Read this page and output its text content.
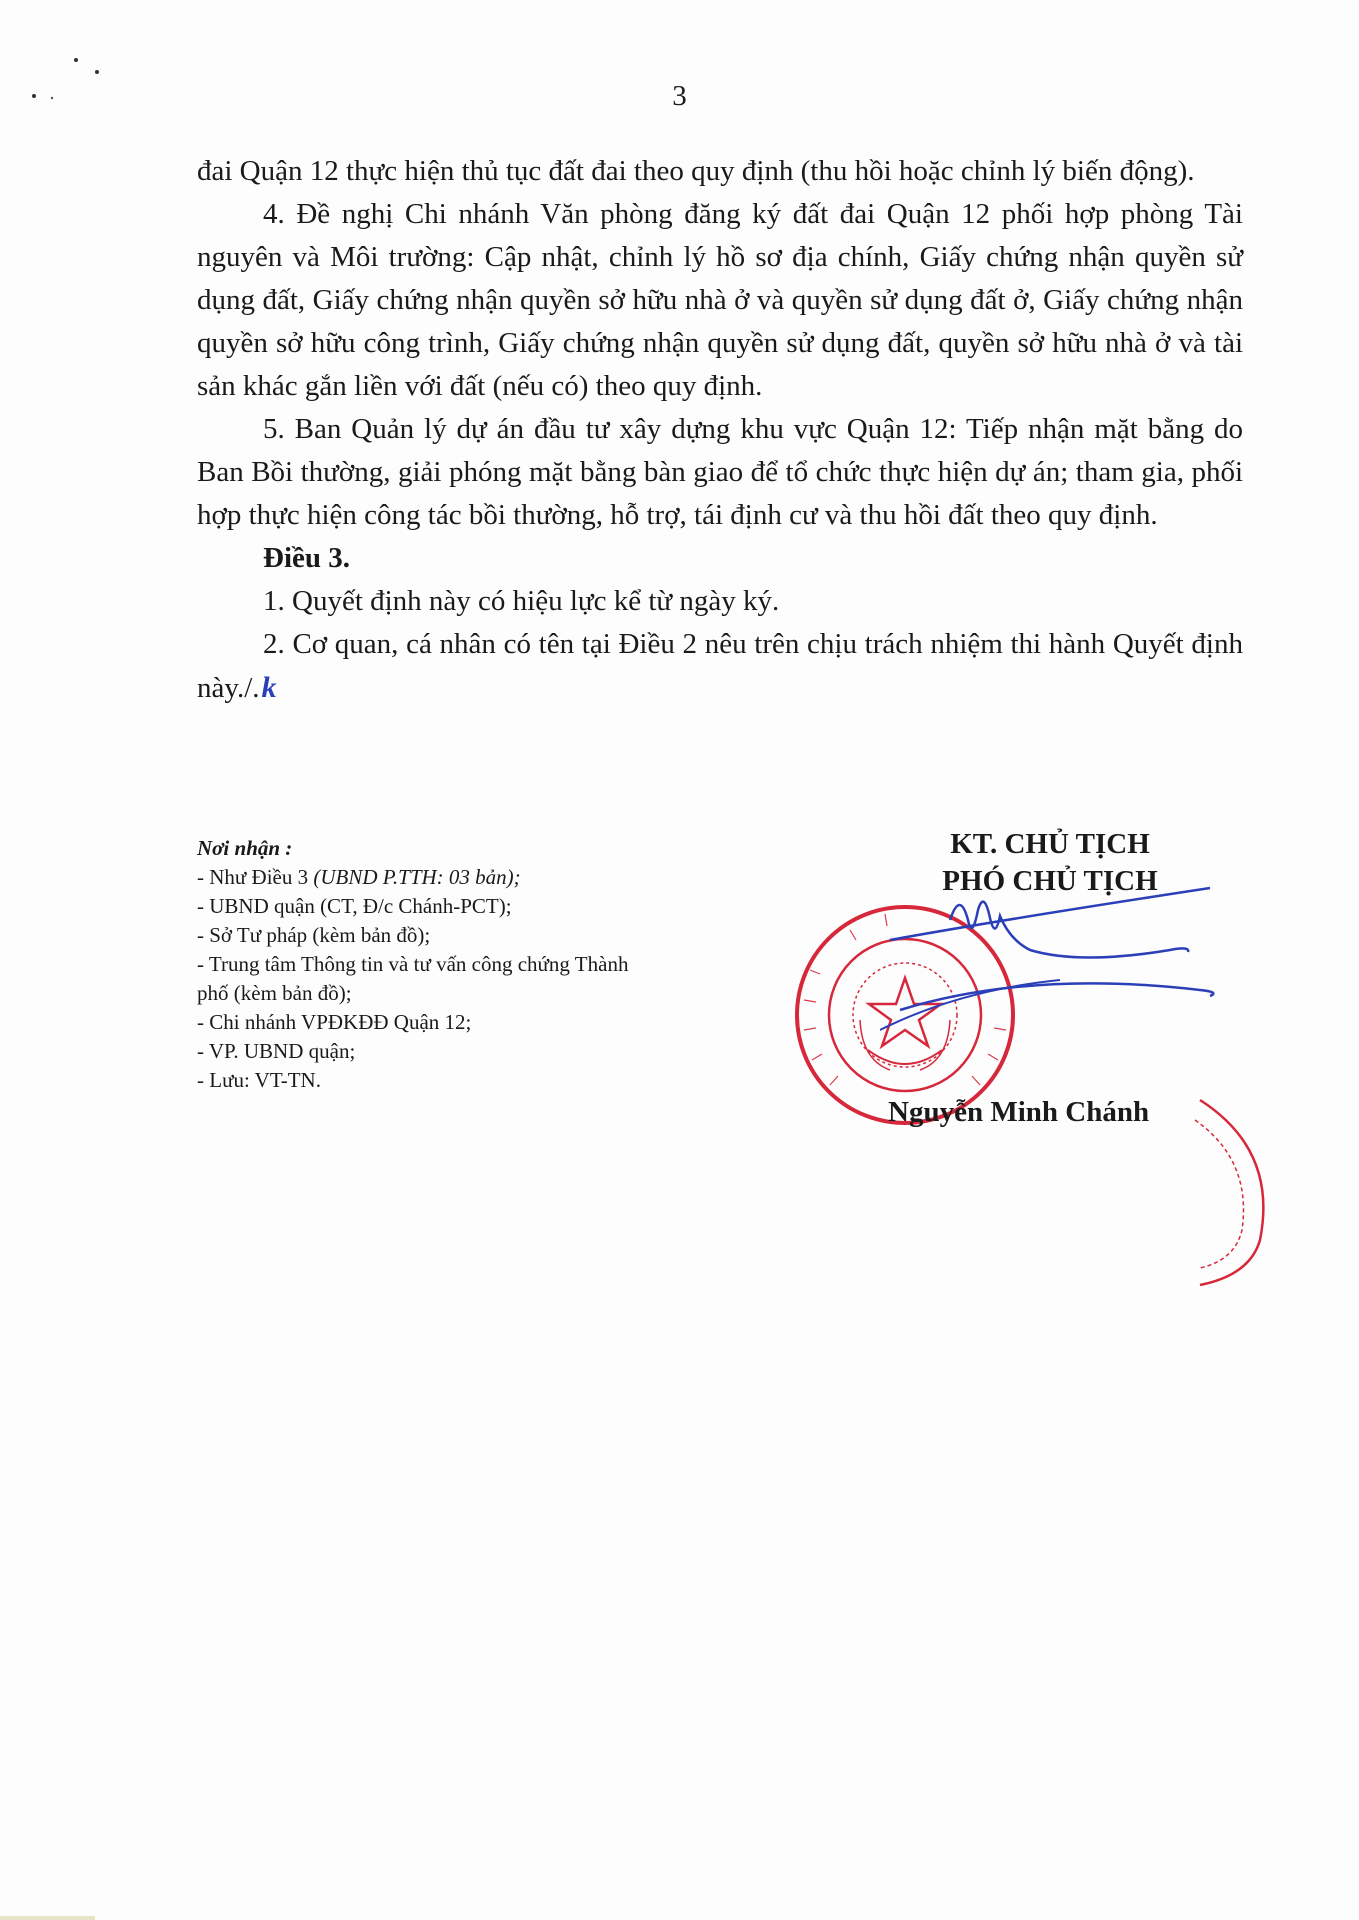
3

đai Quận 12 thực hiện thủ tục đất đai theo quy định (thu hồi hoặc chỉnh lý biến động).

4. Đề nghị Chi nhánh Văn phòng đăng ký đất đai Quận 12 phối hợp phòng Tài nguyên và Môi trường: Cập nhật, chỉnh lý hồ sơ địa chính, Giấy chứng nhận quyền sử dụng đất, Giấy chứng nhận quyền sở hữu nhà ở và quyền sử dụng đất ở, Giấy chứng nhận quyền sở hữu công trình, Giấy chứng nhận quyền sử dụng đất, quyền sở hữu nhà ở và tài sản khác gắn liền với đất (nếu có) theo quy định.

5. Ban Quản lý dự án đầu tư xây dựng khu vực Quận 12: Tiếp nhận mặt bằng do Ban Bồi thường, giải phóng mặt bằng bàn giao để tổ chức thực hiện dự án; tham gia, phối hợp thực hiện công tác bồi thường, hỗ trợ, tái định cư và thu hồi đất theo quy định.

Điều 3.

1. Quyết định này có hiệu lực kể từ ngày ký.

2. Cơ quan, cá nhân có tên tại Điều 2 nêu trên chịu trách nhiệm thi hành Quyết định này./.k

Nơi nhận :

- Như Điều 3 (UBND P.TTH: 03 bản);

- UBND quận (CT, Đ/c Chánh-PCT);

- Sở Tư pháp (kèm bản đồ);

- Trung tâm Thông tin và tư vấn công chứng Thành phố (kèm bản đồ);

- Chi nhánh VPĐKĐĐ Quận 12;

- VP. UBND quận;

- Lưu: VT-TN.

KT. CHỦ TỊCH
PHÓ CHỦ TỊCH
Nguyễn Minh Chánh
